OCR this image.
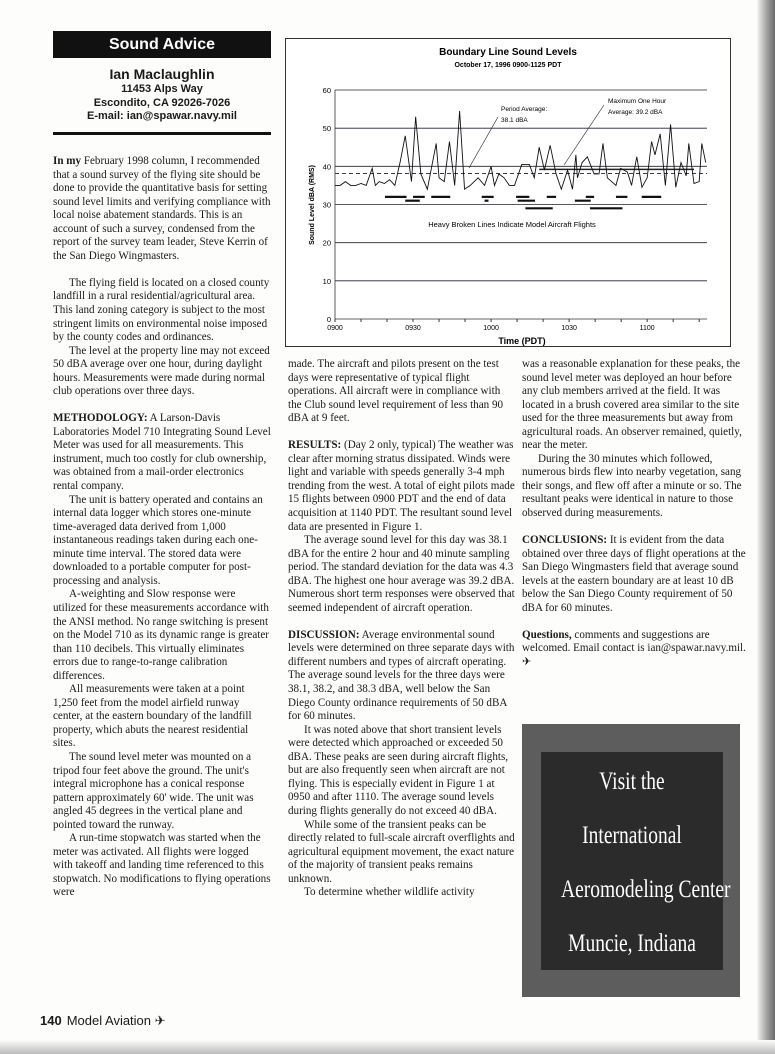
Sound Advice
Ian Maclaughlin
11453 Alps Way
Escondito, CA 92026-7026
E-mail: ian@spawar.navy.mil

In my February 1998 column, I recommended that a sound survey of the flying site should be done to provide the quantitative basis for setting sound level limits and verifying compliance with local noise abatement standards. This is an account of such a survey, condensed from the report of the survey team leader, Steve Kerrin of the San Diego Wingmasters.

The flying field is located on a closed county landfill in a rural residential/agricultural area. This land zoning category is subject to the most stringent limits on environmental noise imposed by the county codes and ordinances.

The level at the property line may not exceed 50 dBA average over one hour, during daylight hours. Measurements were made during normal club operations over three days.

METHODOLOGY: A Larson-Davis Laboratories Model 710 Integrating Sound Level Meter was used for all measurements. This instrument, much too costly for club ownership, was obtained from a mail-order electronics rental company.

The unit is battery operated and contains an internal data logger which stores one-minute time-averaged data derived from 1,000 instantaneous readings taken during each one-minute time interval. The stored data were downloaded to a portable computer for post-processing and analysis.

A-weighting and Slow response were utilized for these measurements accordance with the ANSI method. No range switching is present on the Model 710 as its dynamic range is greater than 110 decibels. This virtually eliminates errors due to range-to-range calibration differences.

All measurements were taken at a point 1,250 feet from the model airfield runway center, at the eastern boundary of the landfill property, which abuts the nearest residential sites.

The sound level meter was mounted on a tripod four feet above the ground. The unit's integral microphone has a conical response pattern approximately 60' wide. The unit was angled 45 degrees in the vertical plane and pointed toward the runway.

A run-time stopwatch was started when the meter was activated. All flights were logged with takeoff and landing time referenced to this stopwatch. No modifications to flying operations were

Boundary Line Sound Levels
October 17, 1996 0900-1125 PDT
0
10
20
30
40
50
60
0900	0930	1000	1030	1100
Time (PDT)
Sound Level dBA (RMS)
Period Average:
38.1 dBA
Maximum One Hour
Average: 39.2 dBA
Heavy Broken Lines Indicate Model Aircraft Flights

made. The aircraft and pilots present on the test days were representative of typical flight operations. All aircraft were in compliance with the Club sound level requirement of less than 90 dBA at 9 feet.

RESULTS: (Day 2 only, typical) The weather was clear after morning stratus dissipated. Winds were light and variable with speeds generally 3-4 mph trending from the west. A total of eight pilots made 15 flights between 0900 PDT and the end of data acquisition at 1140 PDT. The resultant sound level data are presented in Figure 1.

The average sound level for this day was 38.1 dBA for the entire 2 hour and 40 minute sampling period. The standard deviation for the data was 4.3 dBA. The highest one hour average was 39.2 dBA. Numerous short term responses were observed that seemed independent of aircraft operation.

DISCUSSION: Average environmental sound levels were determined on three separate days with different numbers and types of aircraft operating. The average sound levels for the three days were 38.1, 38.2, and 38.3 dBA, well below the San Diego County ordinance requirements of 50 dBA for 60 minutes.

It was noted above that short transient levels were detected which approached or exceeded 50 dBA. These peaks are seen during aircraft flights, but are also frequently seen when aircraft are not flying. This is especially evident in Figure 1 at 0950 and after 1110. The average sound levels during flights generally do not exceed 40 dBA.

While some of the transient peaks can be directly related to full-scale aircraft overflights and agricultural equipment movement, the exact nature of the majority of transient peaks remains unknown.

To determine whether wildlife activity

was a reasonable explanation for these peaks, the sound level meter was deployed an hour before any club members arrived at the field. It was located in a brush covered area similar to the site used for the three measurements but away from agricultural roads. An observer remained, quietly, near the meter.

During the 30 minutes which followed, numerous birds flew into nearby vegetation, sang their songs, and flew off after a minute or so. The resultant peaks were identical in nature to those observed during measurements.

CONCLUSIONS: It is evident from the data obtained over three days of flight operations at the San Diego Wingmasters field that average sound levels at the eastern boundary are at least 10 dB below the San Diego County requirement of 50 dBA for 60 minutes.

Questions, comments and suggestions are welcomed. Email contact is ian@spawar.navy.mil. ✈

Visit the
International
Aeromodeling Center
Muncie, Indiana
140 Model Aviation ✈
